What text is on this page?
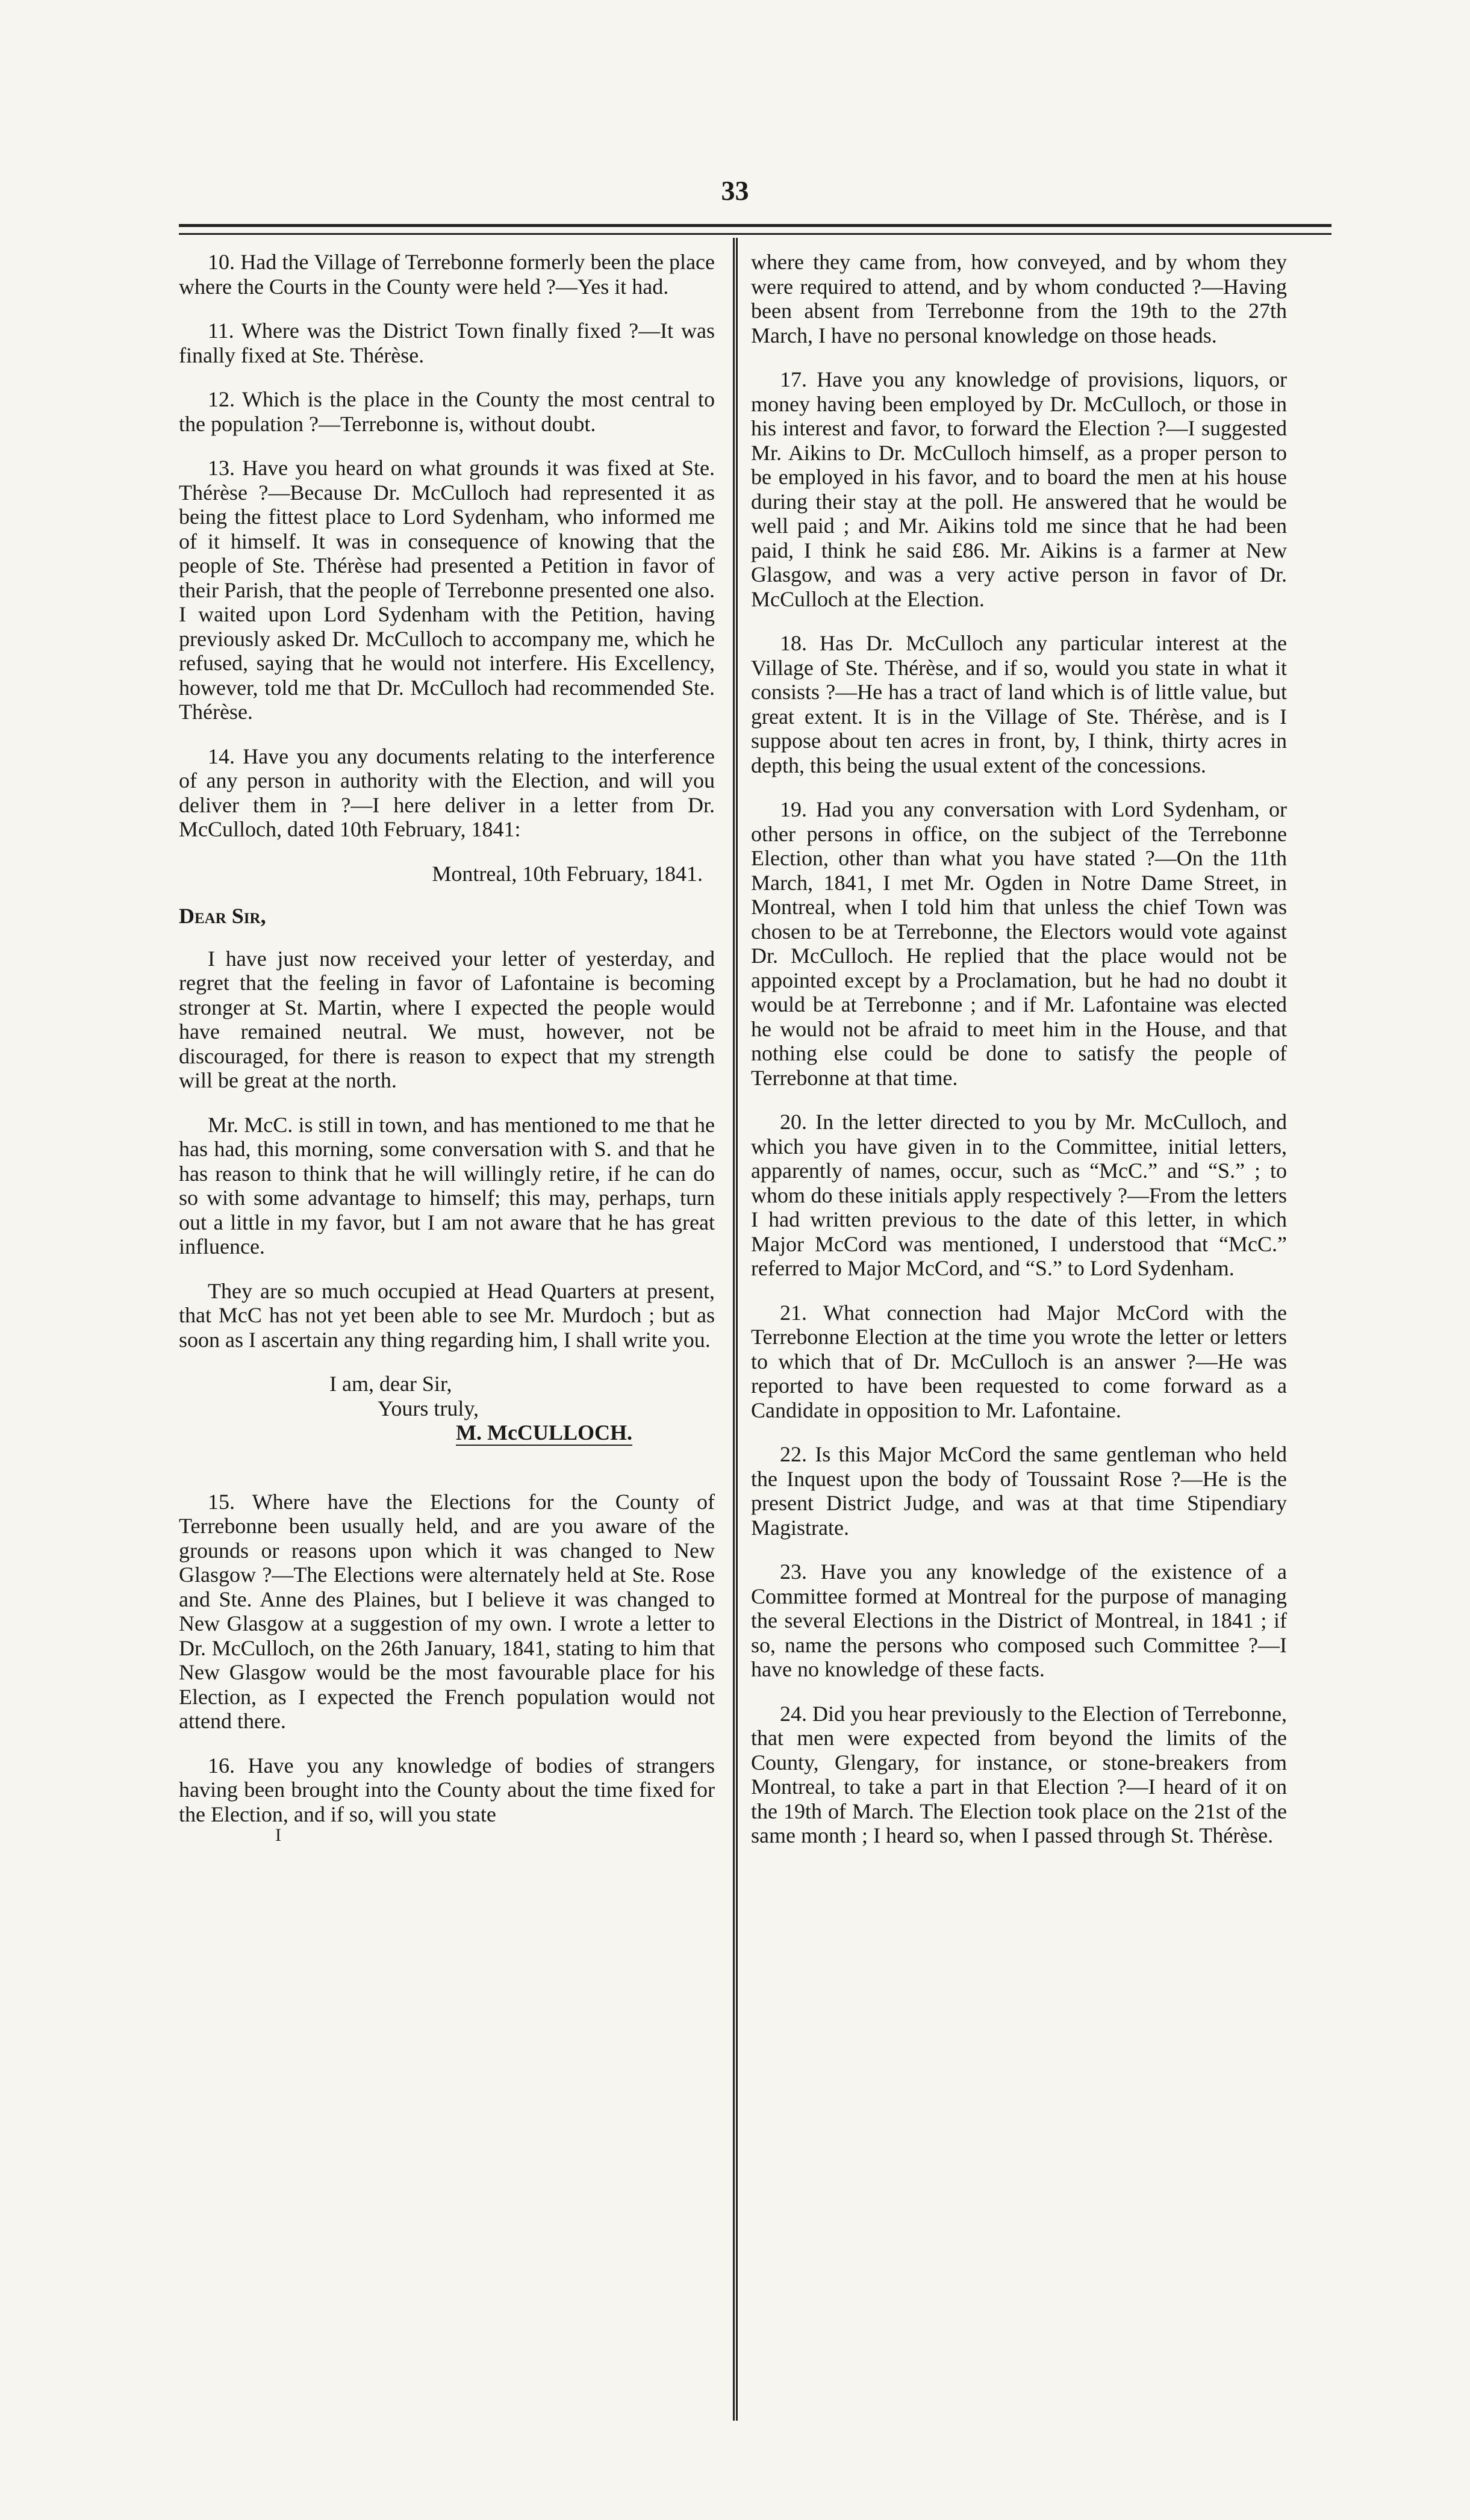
33

10. Had the Village of Terrebonne formerly been the place where the Courts in the County were held ?—Yes it had.

11. Where was the District Town finally fixed ?—It was finally fixed at Ste. Thérèse.

12. Which is the place in the County the most central to the population ?—Terrebonne is, without doubt.

13. Have you heard on what grounds it was fixed at Ste. Thérèse ?—Because Dr. McCulloch had represented it as being the fittest place to Lord Sydenham, who informed me of it himself. It was in consequence of knowing that the people of Ste. Thérèse had presented a Petition in favor of their Parish, that the people of Terrebonne presented one also. I waited upon Lord Sydenham with the Petition, having previously asked Dr. McCulloch to accompany me, which he refused, saying that he would not interfere. His Excellency, however, told me that Dr. McCulloch had recommended Ste. Thérèse.

14. Have you any documents relating to the interference of any person in authority with the Election, and will you deliver them in ?—I here deliver in a letter from Dr. McCulloch, dated 10th February, 1841:

Montreal, 10th February, 1841.

Dear Sir,

I have just now received your letter of yesterday, and regret that the feeling in favor of Lafontaine is becoming stronger at St. Martin, where I expected the people would have remained neutral. We must, however, not be discouraged, for there is reason to expect that my strength will be great at the north.

Mr. McC. is still in town, and has mentioned to me that he has had, this morning, some conversation with S. and that he has reason to think that he will willingly retire, if he can do so with some advantage to himself; this may, perhaps, turn out a little in my favor, but I am not aware that he has great influence.

They are so much occupied at Head Quarters at present, that McC has not yet been able to see Mr. Murdoch ; but as soon as I ascertain any thing regarding him, I shall write you.

I am, dear Sir,

Yours truly,

M. McCULLOCH.

15. Where have the Elections for the County of Terrebonne been usually held, and are you aware of the grounds or reasons upon which it was changed to New Glasgow ?—The Elections were alternately held at Ste. Rose and Ste. Anne des Plaines, but I believe it was changed to New Glasgow at a suggestion of my own. I wrote a letter to Dr. McCulloch, on the 26th January, 1841, stating to him that New Glasgow would be the most favourable place for his Election, as I expected the French population would not attend there.

16. Have you any knowledge of bodies of strangers having been brought into the County about the time fixed for the Election, and if so, will you state

I

where they came from, how conveyed, and by whom they were required to attend, and by whom conducted ?—Having been absent from Terrebonne from the 19th to the 27th March, I have no personal knowledge on those heads.

17. Have you any knowledge of provisions, liquors, or money having been employed by Dr. McCulloch, or those in his interest and favor, to forward the Election ?—I suggested Mr. Aikins to Dr. McCulloch himself, as a proper person to be employed in his favor, and to board the men at his house during their stay at the poll. He answered that he would be well paid ; and Mr. Aikins told me since that he had been paid, I think he said £86. Mr. Aikins is a farmer at New Glasgow, and was a very active person in favor of Dr. McCulloch at the Election.

18. Has Dr. McCulloch any particular interest at the Village of Ste. Thérèse, and if so, would you state in what it consists ?—He has a tract of land which is of little value, but great extent. It is in the Village of Ste. Thérèse, and is I suppose about ten acres in front, by, I think, thirty acres in depth, this being the usual extent of the concessions.

19. Had you any conversation with Lord Sydenham, or other persons in office, on the subject of the Terrebonne Election, other than what you have stated ?—On the 11th March, 1841, I met Mr. Ogden in Notre Dame Street, in Montreal, when I told him that unless the chief Town was chosen to be at Terrebonne, the Electors would vote against Dr. McCulloch. He replied that the place would not be appointed except by a Proclamation, but he had no doubt it would be at Terrebonne ; and if Mr. Lafontaine was elected he would not be afraid to meet him in the House, and that nothing else could be done to satisfy the people of Terrebonne at that time.

20. In the letter directed to you by Mr. McCulloch, and which you have given in to the Committee, initial letters, apparently of names, occur, such as “McC.” and “S.” ; to whom do these initials apply respectively ?—From the letters I had written previous to the date of this letter, in which Major McCord was mentioned, I understood that “McC.” referred to Major McCord, and “S.” to Lord Sydenham.

21. What connection had Major McCord with the Terrebonne Election at the time you wrote the letter or letters to which that of Dr. McCulloch is an answer ?—He was reported to have been requested to come forward as a Candidate in opposition to Mr. Lafontaine.

22. Is this Major McCord the same gentleman who held the Inquest upon the body of Toussaint Rose ?—He is the present District Judge, and was at that time Stipendiary Magistrate.

23. Have you any knowledge of the existence of a Committee formed at Montreal for the purpose of managing the several Elections in the District of Montreal, in 1841 ; if so, name the persons who composed such Committee ?—I have no knowledge of these facts.

24. Did you hear previously to the Election of Terrebonne, that men were expected from beyond the limits of the County, Glengary, for instance, or stone-breakers from Montreal, to take a part in that Election ?—I heard of it on the 19th of March. The Election took place on the 21st of the same month ; I heard so, when I passed through St. Thérèse.
